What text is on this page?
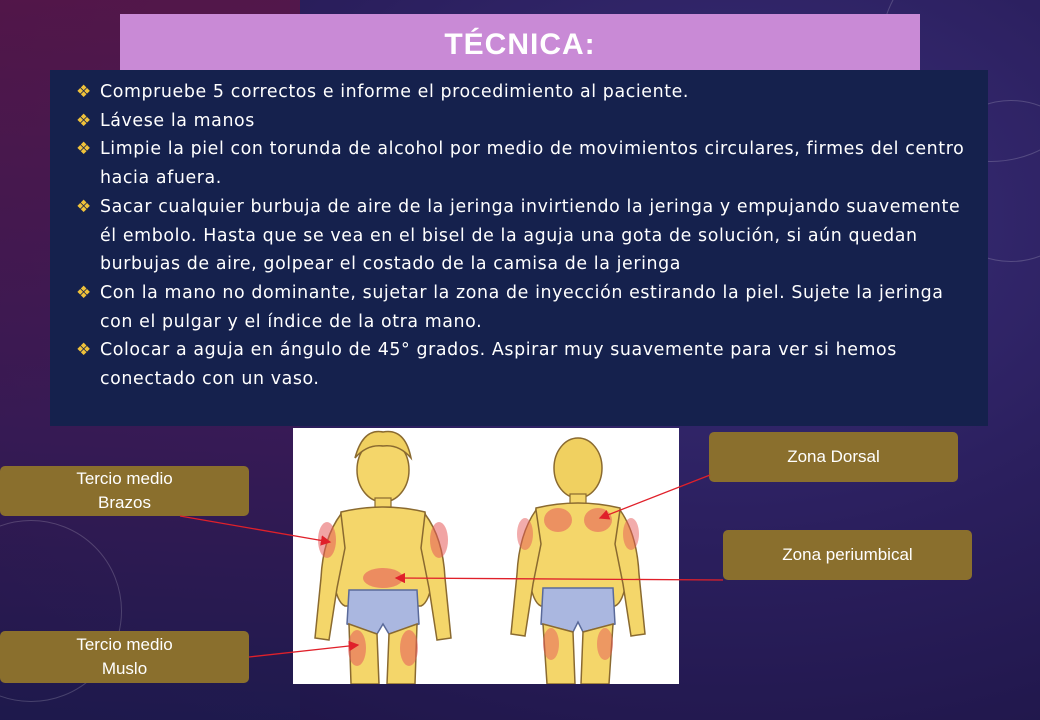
TÉCNICA:
❖ Compruebe 5 correctos e informe el procedimiento al paciente.
❖ Lávese la manos
❖ Limpie la piel con torunda de alcohol por medio de movimientos circulares, firmes del centro hacia afuera.
❖ Sacar cualquier burbuja de aire de la jeringa invirtiendo la jeringa y empujando suavemente él embolo. Hasta que se vea en el bisel de la aguja una gota de solución, si aún quedan burbujas de aire, golpear el costado de la camisa de la jeringa
❖ Con la mano no dominante, sujetar la zona de inyección estirando la piel. Sujete la jeringa con el pulgar y el índice de la otra mano.
❖ Colocar a aguja en ángulo de 45° grados. Aspirar muy suavemente para ver si hemos conectado con un vaso.
Tercio medio
Brazos
Tercio medio
Muslo
Zona Dorsal
Zona periumbical
